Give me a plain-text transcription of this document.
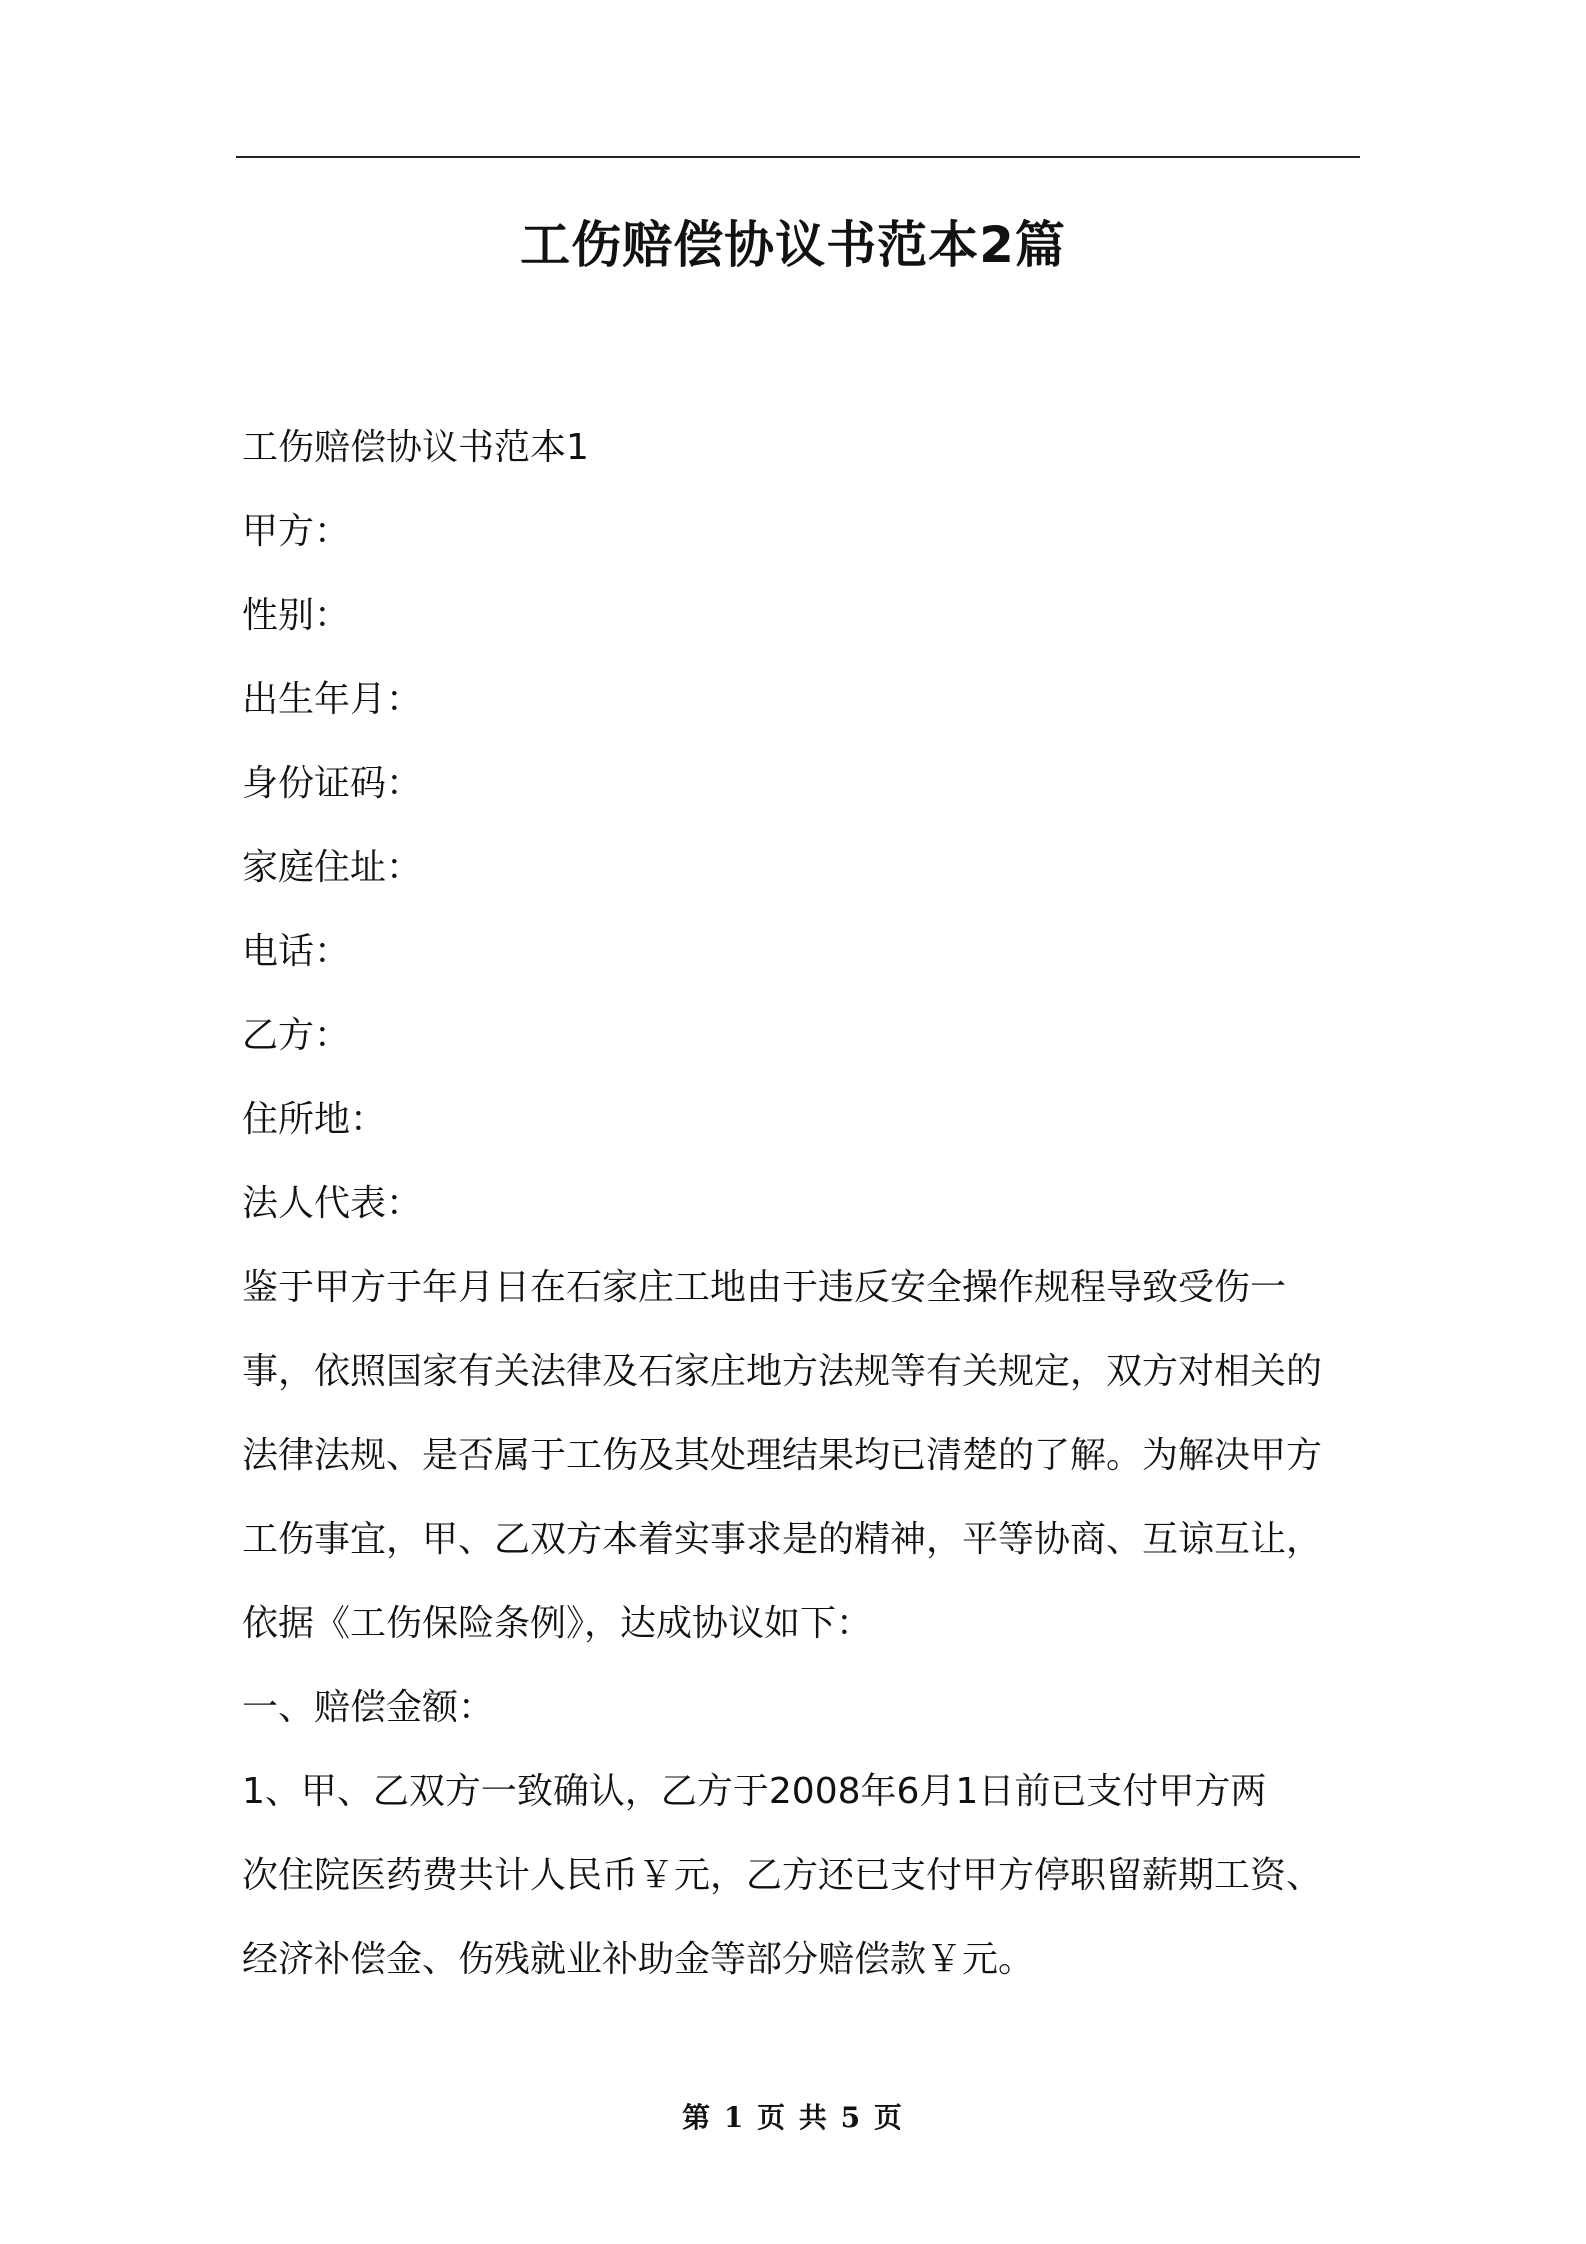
工伤赔偿协议书范本2篇

工伤赔偿协议书范本1

甲方：

性别：

出生年月：

身份证码：

家庭住址：

电话：

乙方：

住所地：

法人代表：

鉴于甲方于年月日在石家庄工地由于违反安全操作规程导致受伤一
事，依照国家有关法律及石家庄地方法规等有关规定，双方对相关的
法律法规、是否属于工伤及其处理结果均已清楚的了解。为解决甲方
工伤事宜，甲、乙双方本着实事求是的精神，平等协商、互谅互让，
依据《工伤保险条例》，达成协议如下：

一、赔偿金额：

1、甲、乙双方一致确认，乙方于2008年6月1日前已支付甲方两
次住院医药费共计人民币￥元，乙方还已支付甲方停职留薪期工资、
经济补偿金、伤残就业补助金等部分赔偿款￥元。
第 1 页 共 5 页
